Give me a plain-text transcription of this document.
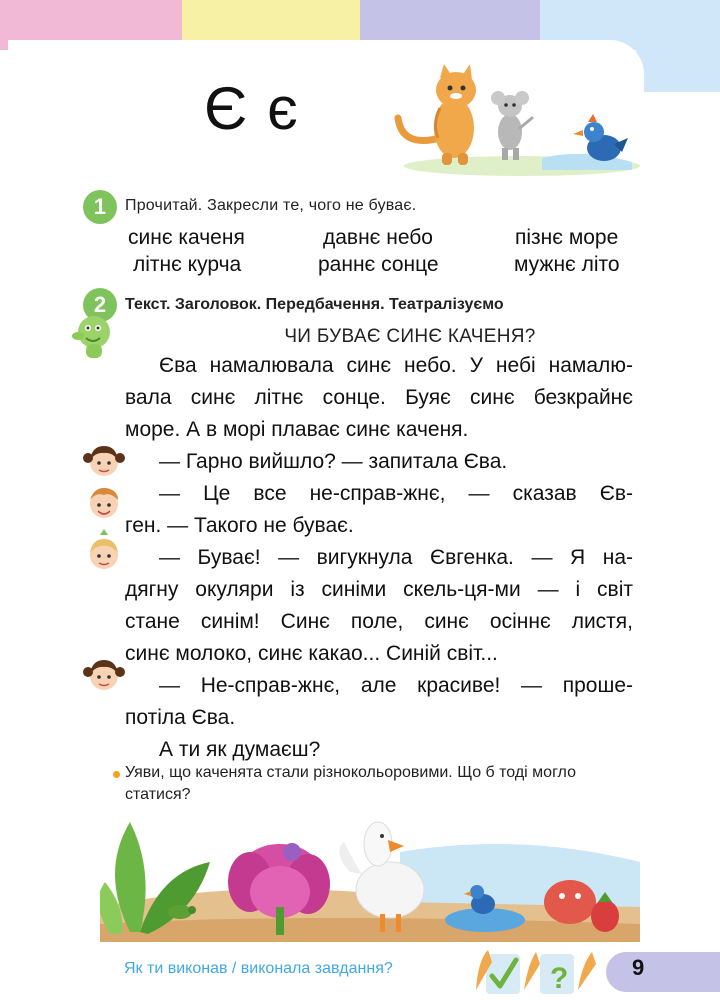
Є є
1	Прочитай. Закресли те, чого не буває.
синє каченя	давнє небо	пізнє море
літнє курча	раннє сонце	мужнє літо
2	Текст. Заголовок. Передбачення. Театралізуємо
ЧИ БУВАЄ СИНЄ КАЧЕНЯ?

Єва намалювала синє небо. У небі намалю-

вала синє літнє сонце. Буяє синє безкрайнє

море. А в морі плаває синє каченя.

— Гарно вийшло? — запитала Єва.

— Це все не-справ-жнє, — сказав Єв-

ген. — Такого не буває.

— Буває! — вигукнула Євгенка. — Я на-

дягну окуляри із синіми скель-ця-ми — і світ

стане синім! Синє поле, синє осіннє листя,

синє молоко, синє какао... Синій світ...

— Не-справ-жнє, але красиве! — проше-

потіла Єва.

А ти як думаєш?

Уяви, що каченята стали різнокольоровими. Що б тоді могло статися?
Як ти виконав / виконала завдання?	?	9
